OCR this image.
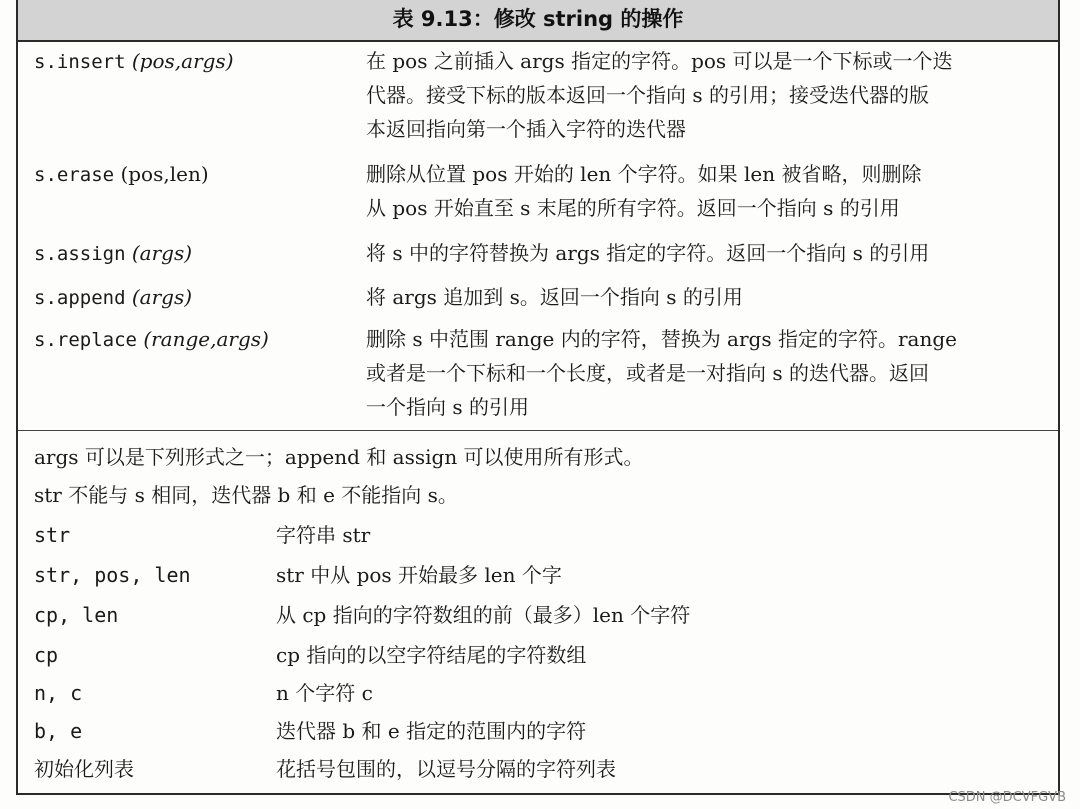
表 9.13：修改 string 的操作
s.insert (pos,args)	在 pos 之前插入 args 指定的字符。pos 可以是一个下标或一个迭
代器。接受下标的版本返回一个指向 s 的引用；接受迭代器的版
本返回指向第一个插入字符的迭代器
s.erase (pos,len)	删除从位置 pos 开始的 len 个字符。如果 len 被省略，则删除
从 pos 开始直至 s 末尾的所有字符。返回一个指向 s 的引用
s.assign (args)	将 s 中的字符替换为 args 指定的字符。返回一个指向 s 的引用
s.append (args)	将 args 追加到 s。返回一个指向 s 的引用
s.replace (range,args)	删除 s 中范围 range 内的字符，替换为 args 指定的字符。range
或者是一个下标和一个长度，或者是一对指向 s 的迭代器。返回
一个指向 s 的引用
args 可以是下列形式之一；append 和 assign 可以使用所有形式。
str 不能与 s 相同，迭代器 b 和 e 不能指向 s。
str	字符串 str
str, pos, len	str 中从 pos 开始最多 len 个字
cp, len	从 cp 指向的字符数组的前（最多）len 个字符
cp	cp 指向的以空字符结尾的字符数组
n, c	n 个字符 c
b, e	迭代器 b 和 e 指定的范围内的字符
初始化列表	花括号包围的，以逗号分隔的字符列表
CSDN @DCVFGVB
